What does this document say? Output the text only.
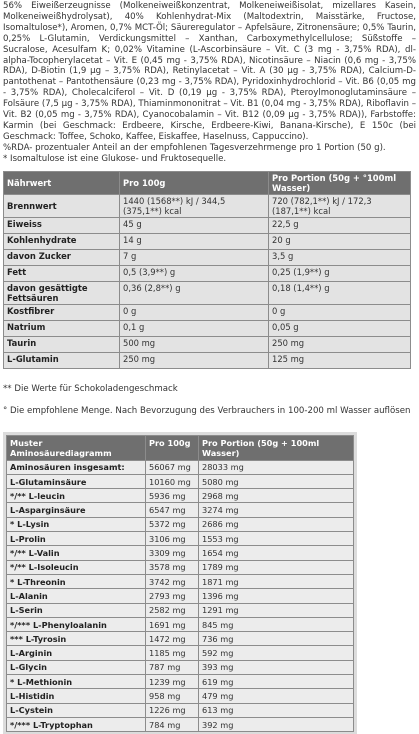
56% Eiweißerzeugnisse (Molkeneiweißkonzentrat, Molkeneiweißisolat, mizellares Kasein, Molkeneiweißhydrolysat), 40% Kohlenhydrat-Mix (Maltodextrin, Maisstärke, Fructose, Isomaltulose*), Aromen, 0,7% MCT-Öl; Säureregulator – Apfelsäure, Zitronensäure; 0,5% Taurin, 0,25% L-Glutamin, Verdickungsmittel – Xanthan, Carboxymethylcellulose; Süßstoffe – Sucralose, Acesulfam K; 0,02% Vitamine (L-Ascorbinsäure – Vit. C (3 mg - 3,75% RDA), dl-alpha-Tocopherylacetat – Vit. E (0,45 mg - 3,75% RDA), Nicotinsäure – Niacin (0,6 mg - 3,75% RDA), D-Biotin (1,9 µg – 3,75% RDA), Retinylacetat – Vit. A (30 µg - 3,75% RDA), Calcium-D-pantothenat – Pantothensäure (0,23 mg - 3,75% RDA), Pyridoxinhydrochlorid – Vit. B6 (0,05 mg - 3,75% RDA), Cholecalciferol – Vit. D (0,19 µg - 3,75% RDA), Pteroylmonoglutaminsäure – Folsäure (7,5 µg - 3,75% RDA), Thiaminmononitrat – Vit. B1 (0,04 mg - 3,75% RDA), Riboflavin – Vit. B2 (0,05 mg - 3,75% RDA), Cyanocobalamin – Vit. B12 (0,09 µg - 3,75% RDA)), Farbstoffe: Karmin (bei Geschmack: Erdbeere, Kirsche, Erdbeere-Kiwi, Banana-Kirsche), E 150c (bei Geschmack: Toffee, Schoko, Kaffee, Eiskaffee, Haselnuss, Cappuccino).

%RDA- prozentualer Anteil an der empfohlenen Tagesverzehrmenge pro 1 Portion (50 g).

* Isomaltulose ist eine Glukose- und Fruktosequelle.

Nährwert	Pro 100g	Pro Portion (50g + °100ml Wasser)
Brennwert	1440 (1568**) kJ / 344,5 (375,1**) kcal	720 (782,1**) kJ / 172,3 (187,1**) kcal
Eiweiss	45 g	22,5 g
Kohlenhydrate	14 g	20 g
davon Zucker	7 g	3,5 g
Fett	0,5 (3,9**) g	0,25 (1,9**) g
davon gesättigte Fettsäuren	0,36 (2,8**) g	0,18 (1,4**) g
Kostfibrer	0 g	0 g
Natrium	0,1 g	0,05 g
Taurin	500 mg	250 mg
L-Glutamin	250 mg	125 mg

** Die Werte für Schokoladengeschmack

° Die empfohlene Menge. Nach Bevorzugung des Verbrauchers in 100-200 ml Wasser auflösen

Muster Aminosäurediagramm	Pro 100g	Pro Portion (50g + 100ml Wasser)
Aminosäuren insgesamt:	56067 mg	28033 mg
L-Glutaminsäure	10160 mg	5080 mg
*/** L-leucin	5936 mg	2968 mg
L-Asparginsäure	6547 mg	3274 mg
* L-Lysin	5372 mg	2686 mg
L-Prolin	3106 mg	1553 mg
*/** L-Valin	3309 mg	1654 mg
*/** L-Isoleucin	3578 mg	1789 mg
* L-Threonin	3742 mg	1871 mg
L-Alanin	2793 mg	1396 mg
L-Serin	2582 mg	1291 mg
*/*** L-Phenyloalanin	1691 mg	845 mg
*** L-Tyrosin	1472 mg	736 mg
L-Arginin	1185 mg	592 mg
L-Glycin	787 mg	393 mg
* L-Methionin	1239 mg	619 mg
L-Histidin	958 mg	479 mg
L-Cystein	1226 mg	613 mg
*/*** L-Tryptophan	784 mg	392 mg
